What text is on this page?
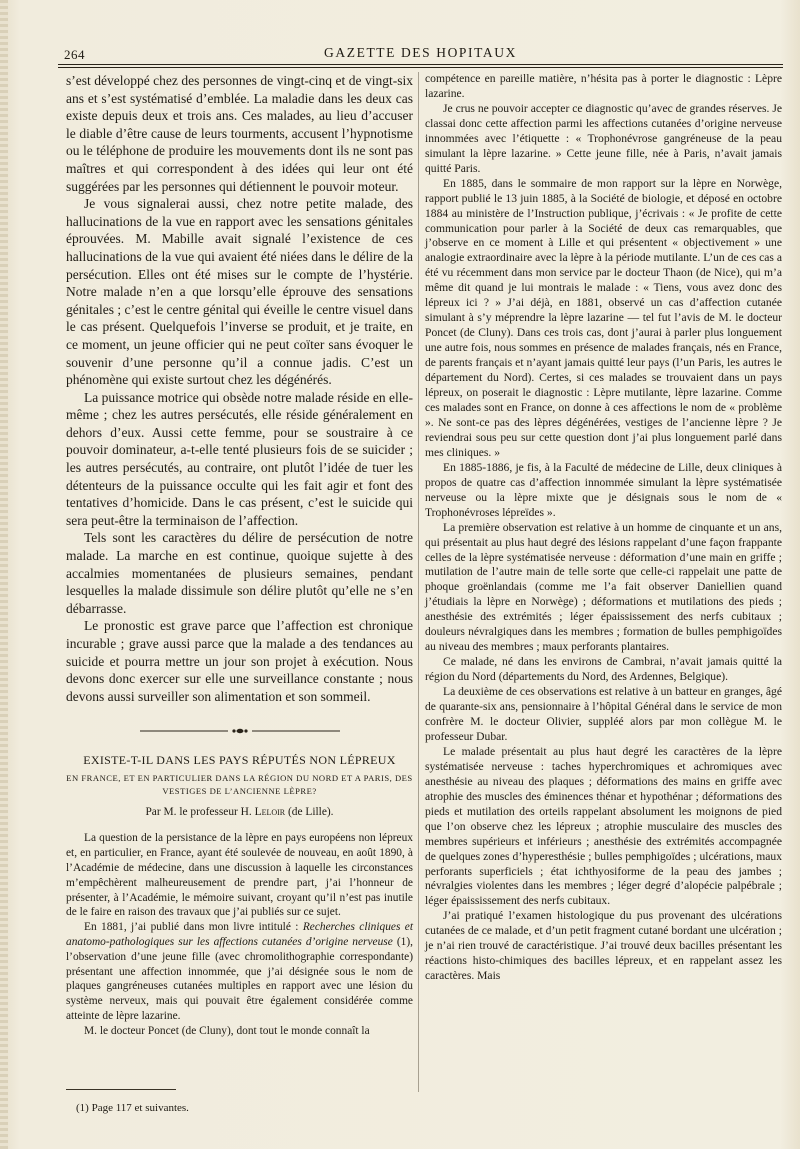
264	GAZETTE DES HOPITAUX

s’est développé chez des personnes de vingt-cinq et de vingt-six ans et s’est systématisé d’emblée. La maladie dans les deux cas existe depuis deux et trois ans. Ces malades, au lieu d’accuser le diable d’être cause de leurs tourments, accusent l’hypnotisme ou le téléphone de produire les mouvements dont ils ne sont pas maîtres et qui correspondent à des idées qui leur ont été suggérées par les personnes qui détiennent le pouvoir moteur.

Je vous signalerai aussi, chez notre petite malade, des hallucinations de la vue en rapport avec les sensations génitales éprouvées. M. Mabille avait signalé l’existence de ces hallucinations de la vue qui avaient été niées dans le délire de la persécution. Elles ont été mises sur le compte de l’hystérie. Notre malade n’en a que lorsqu’elle éprouve des sensations génitales ; c’est le centre génital qui éveille le centre visuel dans le cas présent. Quelquefois l’inverse se produit, et je traite, en ce moment, un jeune officier qui ne peut coïter sans évoquer le souvenir d’une personne qu’il a connue jadis. C’est un phénomène qui existe surtout chez les dégénérés.

La puissance motrice qui obsède notre malade réside en elle-même ; chez les autres persécutés, elle réside généralement en dehors d’eux. Aussi cette femme, pour se soustraire à ce pouvoir dominateur, a-t-elle tenté plusieurs fois de se suicider ; les autres persécutés, au contraire, ont plutôt l’idée de tuer les détenteurs de la puissance occulte qui les fait agir et font des tentatives d’homicide. Dans le cas présent, c’est le suicide qui sera peut-être la terminaison de l’affection.

Tels sont les caractères du délire de persécution de notre malade. La marche en est continue, quoique sujette à des accalmies momentanées de plusieurs semaines, pendant lesquelles la malade dissimule son délire plutôt qu’elle ne s’en débarrasse.

Le pronostic est grave parce que l’affection est chronique incurable ; grave aussi parce que la malade a des tendances au suicide et pourra mettre un jour son projet à exécution. Nous devons donc exercer sur elle une surveillance constante ; nous devons aussi surveiller son alimentation et son sommeil.

EXISTE-T-IL DANS LES PAYS RÉPUTÉS NON LÉPREUX
EN FRANCE, ET EN PARTICULIER DANS LA RÉGION DU NORD ET A PARIS, DES VESTIGES DE L’ANCIENNE LÈPRE?
Par M. le professeur H. Leloir (de Lille).

La question de la persistance de la lèpre en pays européens non lépreux et, en particulier, en France, ayant été soulevée de nouveau, en août 1890, à l’Académie de médecine, dans une discussion à laquelle les circonstances m’empêchèrent malheureusement de prendre part, j’ai l’honneur de présenter, à l’Académie, le mémoire suivant, croyant qu’il n’est pas inutile de le faire en raison des travaux que j’ai publiés sur ce sujet.

En 1881, j’ai publié dans mon livre intitulé : Recherches cliniques et anatomo-pathologiques sur les affections cutanées d’origine nerveuse (1), l’observation d’une jeune fille (avec chromolithographie correspondante) présentant une affection innommée, que j’ai désignée sous le nom de plaques gangréneuses cutanées multiples en rapport avec une lésion du système nerveux, mais qui pouvait être également considérée comme atteinte de lèpre lazarine.

M. le docteur Poncet (de Cluny), dont tout le monde connaît la

(1) Page 117 et suivantes.

compétence en pareille matière, n’hésita pas à porter le diagnostic : Lèpre lazarine.

Je crus ne pouvoir accepter ce diagnostic qu’avec de grandes réserves. Je classai donc cette affection parmi les affections cutanées d’origine nerveuse innommées avec l’étiquette : « Trophonévrose gangréneuse de la peau simulant la lèpre lazarine. » Cette jeune fille, née à Paris, n’avait jamais quitté Paris.

En 1885, dans le sommaire de mon rapport sur la lèpre en Norwège, rapport publié le 13 juin 1885, à la Société de biologie, et déposé en octobre 1884 au ministère de l’Instruction publique, j’écrivais : « Je profite de cette communication pour parler à la Société de deux cas remarquables, que j’observe en ce moment à Lille et qui présentent « objectivement » une analogie extraordinaire avec la lèpre à la période mutilante. L’un de ces cas a été vu récemment dans mon service par le docteur Thaon (de Nice), qui m’a même dit quand je lui montrais le malade : « Tiens, vous avez donc des lépreux ici ? » J’ai déjà, en 1881, observé un cas d’affection cutanée simulant à s’y méprendre la lèpre lazarine — tel fut l’avis de M. le docteur Poncet (de Cluny). Dans ces trois cas, dont j’aurai à parler plus longuement une autre fois, nous sommes en présence de malades français, nés en France, de parents français et n’ayant jamais quitté leur pays (l’un Paris, les autres le département du Nord). Certes, si ces malades se trouvaient dans un pays lépreux, on poserait le diagnostic : Lèpre mutilante, lèpre lazarine. Comme ces malades sont en France, on donne à ces affections le nom de « problème ». Ne sont-ce pas des lèpres dégénérées, vestiges de l’ancienne lèpre ? Je reviendrai sous peu sur cette question dont j’ai plus longuement parlé dans mes cliniques. »

En 1885-1886, je fis, à la Faculté de médecine de Lille, deux cliniques à propos de quatre cas d’affection innommée simulant la lèpre systématisée nerveuse ou la lèpre mixte que je désignais sous le nom de « Trophonévroses lépreïdes ».

La première observation est relative à un homme de cinquante et un ans, qui présentait au plus haut degré des lésions rappelant d’une façon frappante celles de la lèpre systématisée nerveuse : déformation d’une main en griffe ; mutilation de l’autre main de telle sorte que celle-ci rappelait une patte de phoque groënlandais (comme me l’a fait observer Daniellien quand j’étudiais la lèpre en Norwège) ; déformations et mutilations des pieds ; anesthésie des extrémités ; léger épaississement des nerfs cubitaux ; douleurs névralgiques dans les membres ; formation de bulles pemphigoïdes au niveau des membres ; maux perforants plantaires.

Ce malade, né dans les environs de Cambrai, n’avait jamais quitté la région du Nord (départements du Nord, des Ardennes, Belgique).

La deuxième de ces observations est relative à un batteur en granges, âgé de quarante-six ans, pensionnaire à l’hôpital Général dans le service de mon confrère M. le docteur Olivier, suppléé alors par mon collègue M. le professeur Dubar.

Le malade présentait au plus haut degré les caractères de la lèpre systématisée nerveuse : taches hyperchromiques et achromiques avec anesthésie au niveau des plaques ; déformations des mains en griffe avec atrophie des muscles des éminences thénar et hypothénar ; déformations des pieds et mutilation des orteils rappelant absolument les moignons de pied que l’on observe chez les lépreux ; atrophie musculaire des muscles des membres supérieurs et inférieurs ; anesthésie des extrémités accompagnée de quelques zones d’hyperesthésie ; bulles pemphigoïdes ; ulcérations, maux perforants superficiels ; état ichthyosiforme de la peau des jambes ; névralgies violentes dans les membres ; léger degré d’alopécie palpébrale ; léger épaississement des nerfs cubitaux.

J’ai pratiqué l’examen histologique du pus provenant des ulcérations cutanées de ce malade, et d’un petit fragment cutané bordant une ulcération ; je n’ai rien trouvé de caractéristique. J’ai trouvé deux bacilles présentant les réactions histo-chimiques des bacilles lépreux, et en rappelant assez les caractères. Mais
